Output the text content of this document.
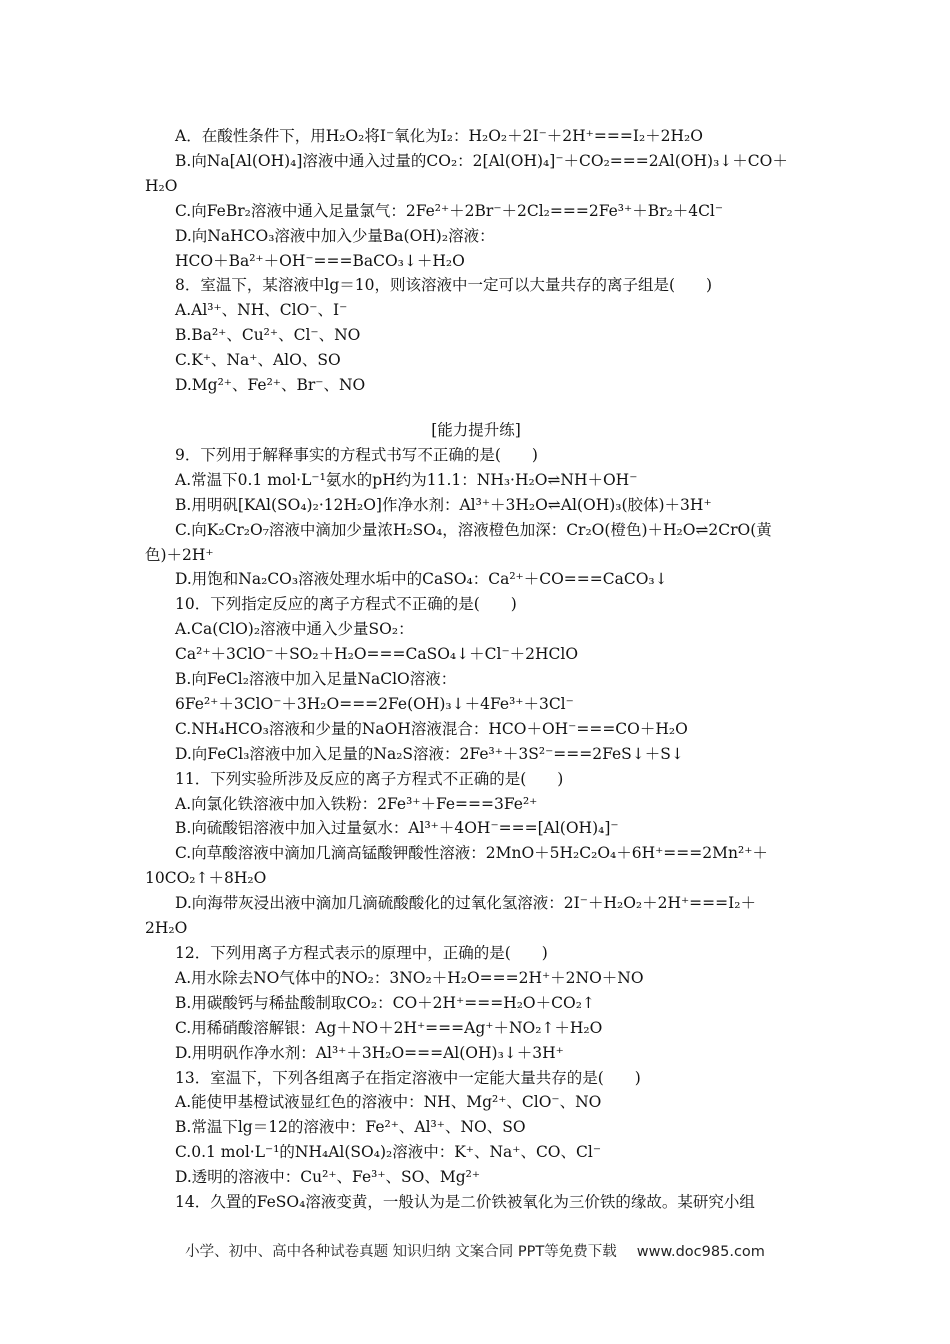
A．在酸性条件下，用H₂O₂将I⁻氧化为I₂：H₂O₂＋2I⁻＋2H⁺===I₂＋2H₂O
B.向Na[Al(OH)₄]溶液中通入过量的CO₂：2[Al(OH)₄]⁻＋CO₂===2Al(OH)₃↓＋CO＋
H₂O
C.向FeBr₂溶液中通入足量氯气：2Fe²⁺＋2Br⁻＋2Cl₂===2Fe³⁺＋Br₂＋4Cl⁻
D.向NaHCO₃溶液中加入少量Ba(OH)₂溶液：
HCO＋Ba²⁺＋OH⁻===BaCO₃↓＋H₂O
8．室温下，某溶液中lg＝10，则该溶液中一定可以大量共存的离子组是(　　)
A.Al³⁺、NH、ClO⁻、I⁻
B.Ba²⁺、Cu²⁺、Cl⁻、NO
C.K⁺、Na⁺、AlO、SO
D.Mg²⁺、Fe²⁺、Br⁻、NO
[能力提升练]
9．下列用于解释事实的方程式书写不正确的是(　　)
A.常温下0.1 mol·L⁻¹氨水的pH约为11.1：NH₃·H₂O⇌NH＋OH⁻
B.用明矾[KAl(SO₄)₂·12H₂O]作净水剂：Al³⁺＋3H₂O⇌Al(OH)₃(胶体)＋3H⁺
C.向K₂Cr₂O₇溶液中滴加少量浓H₂SO₄，溶液橙色加深：Cr₂O(橙色)＋H₂O⇌2CrO(黄
色)＋2H⁺
D.用饱和Na₂CO₃溶液处理水垢中的CaSO₄：Ca²⁺＋CO===CaCO₃↓
10．下列指定反应的离子方程式不正确的是(　　)
A.Ca(ClO)₂溶液中通入少量SO₂：
Ca²⁺＋3ClO⁻＋SO₂＋H₂O===CaSO₄↓＋Cl⁻＋2HClO
B.向FeCl₂溶液中加入足量NaClO溶液：
6Fe²⁺＋3ClO⁻＋3H₂O===2Fe(OH)₃↓＋4Fe³⁺＋3Cl⁻
C.NH₄HCO₃溶液和少量的NaOH溶液混合：HCO＋OH⁻===CO＋H₂O
D.向FeCl₃溶液中加入足量的Na₂S溶液：2Fe³⁺＋3S²⁻===2FeS↓＋S↓
11．下列实验所涉及反应的离子方程式不正确的是(　　)
A.向氯化铁溶液中加入铁粉：2Fe³⁺＋Fe===3Fe²⁺
B.向硫酸铝溶液中加入过量氨水：Al³⁺＋4OH⁻===[Al(OH)₄]⁻
C.向草酸溶液中滴加几滴高锰酸钾酸性溶液：2MnO＋5H₂C₂O₄＋6H⁺===2Mn²⁺＋
10CO₂↑＋8H₂O
D.向海带灰浸出液中滴加几滴硫酸酸化的过氧化氢溶液：2I⁻＋H₂O₂＋2H⁺===I₂＋
2H₂O
12．下列用离子方程式表示的原理中，正确的是(　　)
A.用水除去NO气体中的NO₂：3NO₂＋H₂O===2H⁺＋2NO＋NO
B.用碳酸钙与稀盐酸制取CO₂：CO＋2H⁺===H₂O＋CO₂↑
C.用稀硝酸溶解银：Ag＋NO＋2H⁺===Ag⁺＋NO₂↑＋H₂O
D.用明矾作净水剂：Al³⁺＋3H₂O===Al(OH)₃↓＋3H⁺
13．室温下，下列各组离子在指定溶液中一定能大量共存的是(　　)
A.能使甲基橙试液显红色的溶液中：NH、Mg²⁺、ClO⁻、NO
B.常温下lg＝12的溶液中：Fe²⁺、Al³⁺、NO、SO
C.0.1 mol·L⁻¹的NH₄Al(SO₄)₂溶液中：K⁺、Na⁺、CO、Cl⁻
D.透明的溶液中：Cu²⁺、Fe³⁺、SO、Mg²⁺
14．久置的FeSO₄溶液变黄，一般认为是二价铁被氧化为三价铁的缘故。某研究小组
小学、初中、高中各种试卷真题 知识归纳 文案合同 PPT等免费下载 www.doc985.com
